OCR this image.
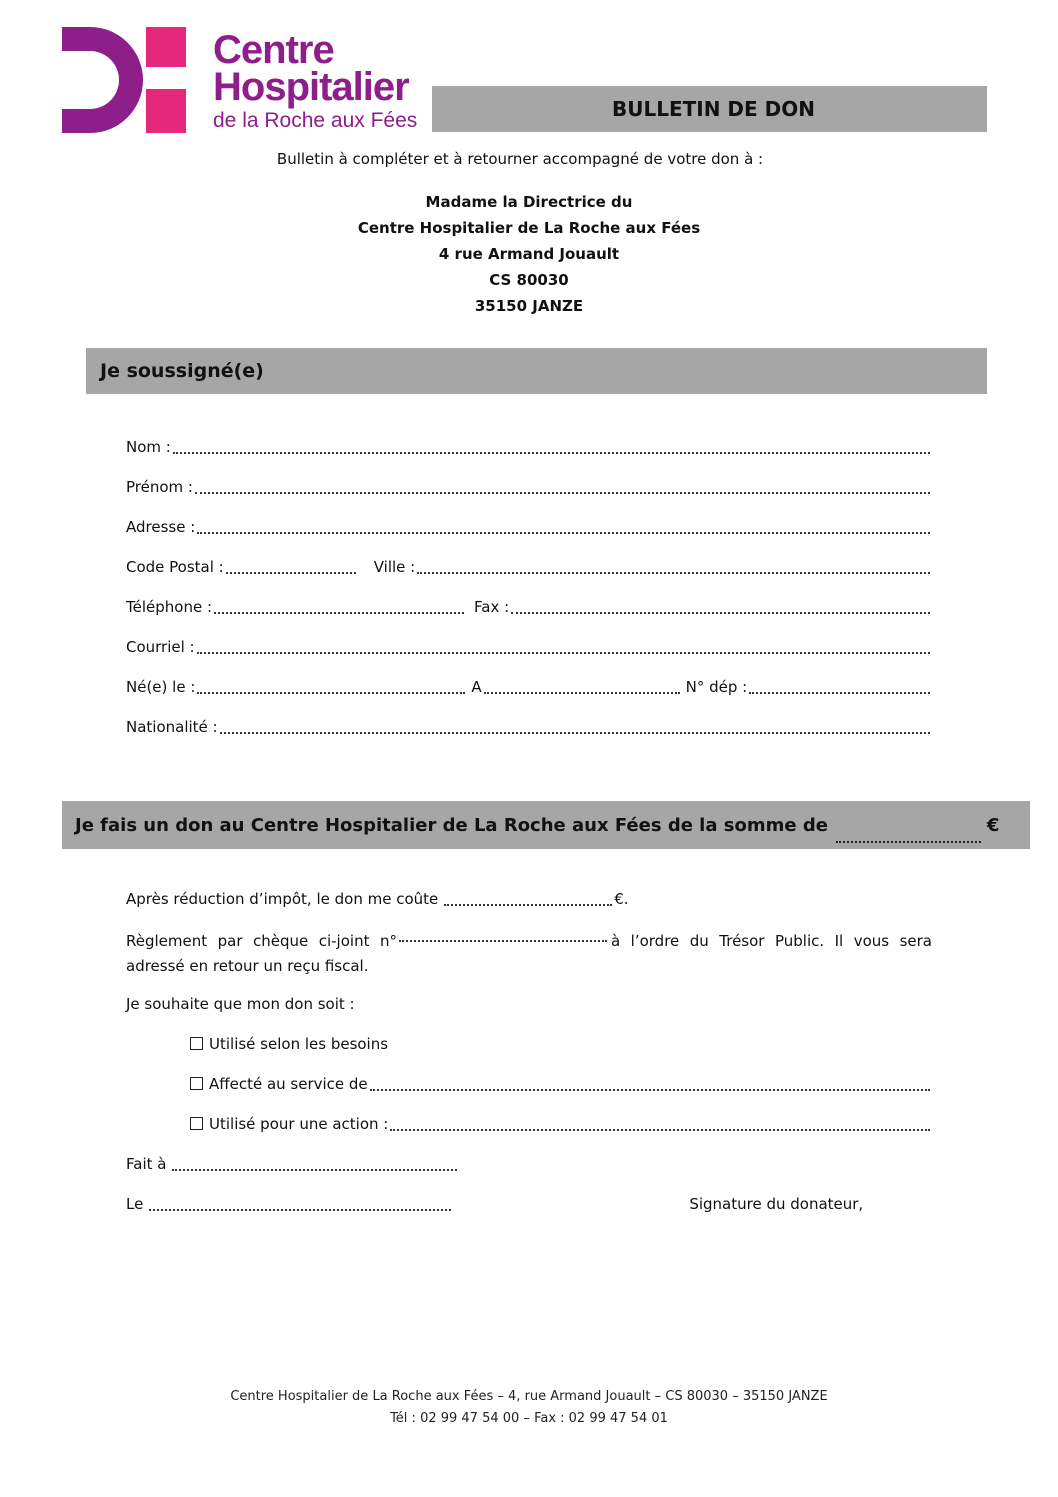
Centre
Hospitalier
de la Roche aux Fées	BULLETIN DE DON
Bulletin à compléter et à retourner accompagné de votre don à :
Madame la Directrice du
Centre Hospitalier de La Roche aux Fées
4 rue Armand Jouault
CS 80030
35150 JANZE
Je soussigné(e)
Nom :
Prénom :
Adresse :
Code Postal :	Ville :
Téléphone :	Fax :
Courriel :
Né(e) le :	A	N° dép :
Nationalité :
Je fais un don au Centre Hospitalier de La Roche aux Fées de la somme de	€
Après réduction d’impôt, le don me coûte	€.
Règlement par chèque ci-joint n°	à l’ordre du Trésor Public. Il vous sera adressé en retour un reçu fiscal.
Je souhaite que mon don soit :
Utilisé selon les besoins
Affecté au service de
Utilisé pour une action :
Fait à
Le	Signature du donateur,
Centre Hospitalier de La Roche aux Fées – 4, rue Armand Jouault – CS 80030 – 35150 JANZE
Tél : 02 99 47 54 00 – Fax : 02 99 47 54 01
